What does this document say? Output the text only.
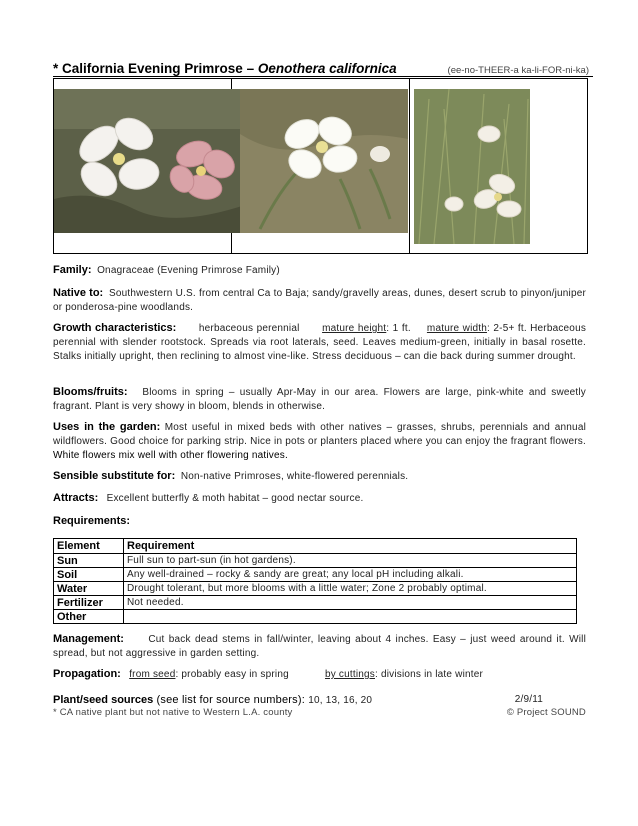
* California Evening Primrose – Oenothera californica	(ee-no-THEER-a ka-li-FOR-ni-ka)
Family: Onagraceae (Evening Primrose Family)
Native to: Southwestern U.S. from central Ca to Baja; sandy/gravelly areas, dunes, desert scrub to pinyon/juniper or ponderosa-pine woodlands.
Growth characteristics: herbaceous perennial mature height: 1 ft. mature width: 2-5+ ft. Herbaceous perennial with slender rootstock. Spreads via root laterals, seed. Leaves medium-green, initially in basal rosette. Stalks initially upright, then reclining to almost vine-like. Stress deciduous – can die back during summer drought.
Blooms/fruits: Blooms in spring – usually Apr-May in our area. Flowers are large, pink-white and sweetly fragrant. Plant is very showy in bloom, blends in otherwise.
Uses in the garden: Most useful in mixed beds with other natives – grasses, shrubs, perennials and annual wildflowers. Good choice for parking strip. Nice in pots or planters placed where you can enjoy the fragrant flowers. White flowers mix well with other flowering natives.
Sensible substitute for: Non-native Primroses, white-flowered perennials.
Attracts: Excellent butterfly & moth habitat – good nectar source.
Requirements:
Element	Requirement
Sun	Full sun to part-sun (in hot gardens).
Soil	Any well-drained – rocky & sandy are great; any local pH including alkali.
Water	Drought tolerant, but more blooms with a little water; Zone 2 probably optimal.
Fertilizer	Not needed.
Other	
Management: Cut back dead stems in fall/winter, leaving about 4 inches. Easy – just weed around it. Will spread, but not aggressive in garden setting.
Propagation: from seed: probably easy in spring	by cuttings: divisions in late winter
Plant/seed sources (see list for source numbers): 10, 13, 16, 20	2/9/11
* CA native plant but not native to Western L.A. county	© Project SOUND
